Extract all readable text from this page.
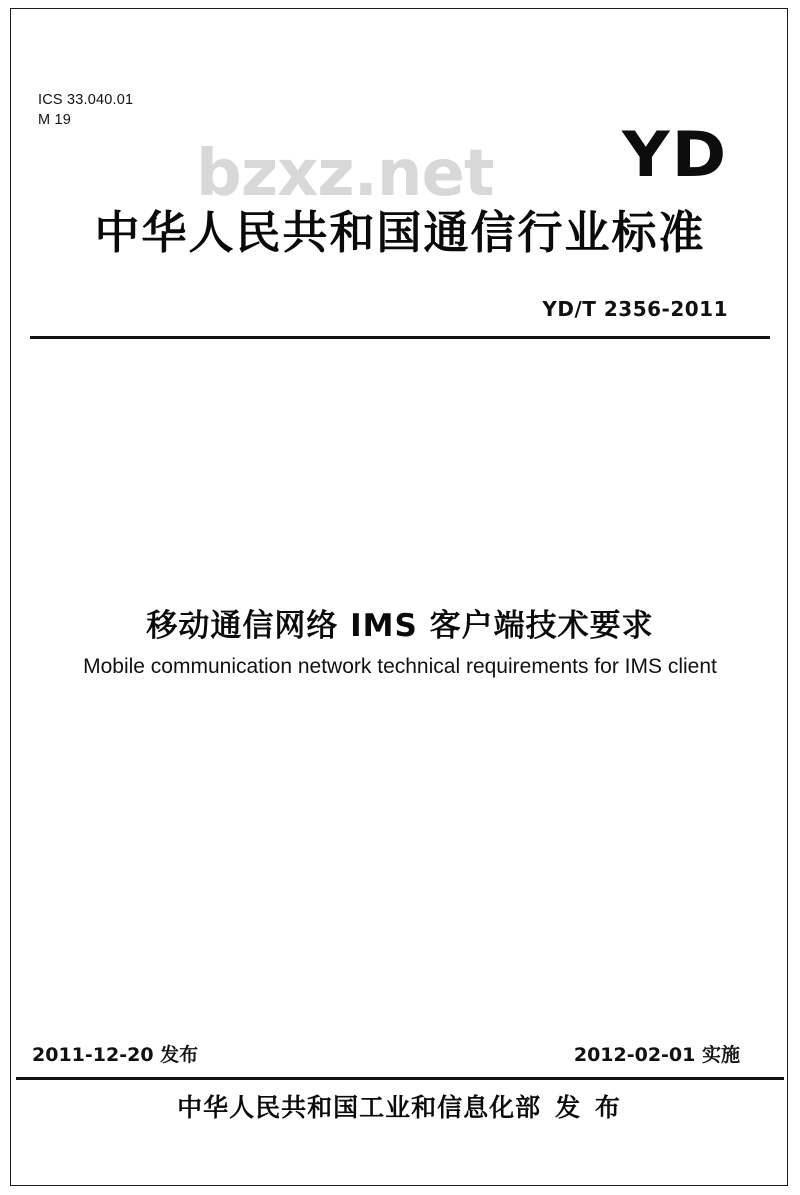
ICS 33.040.01
M 19
bzxz.net YD
中华人民共和国通信行业标准
YD/T 2356-2011
移动通信网络 IMS 客户端技术要求
Mobile communication network technical requirements for IMS client
2011-12-20 发布	2012-02-01 实施
中华人民共和国工业和信息化部 发 布
